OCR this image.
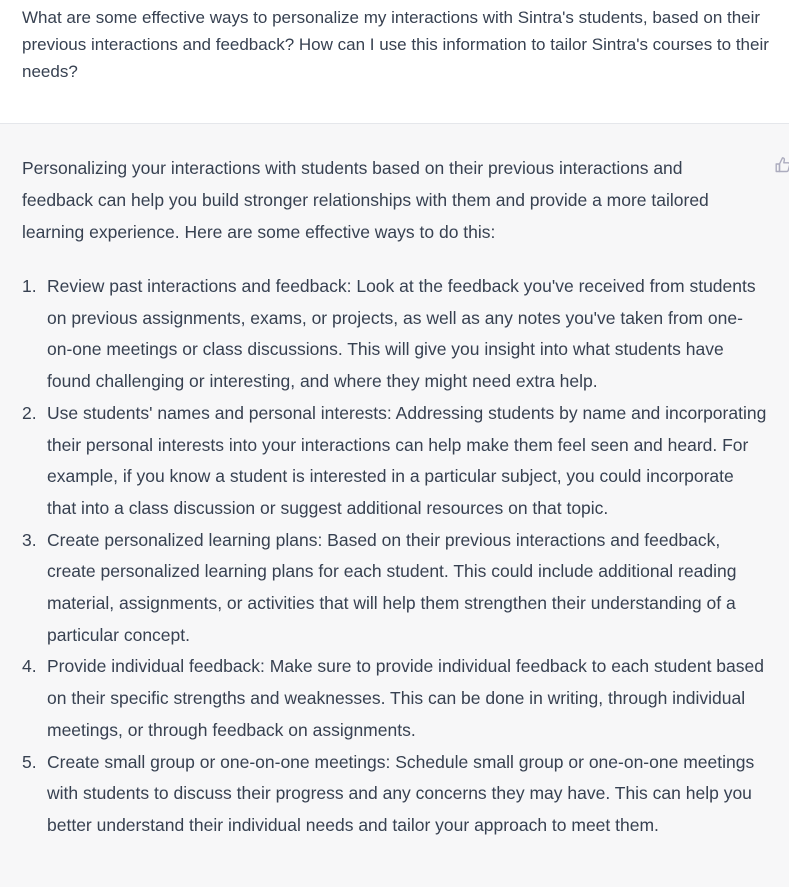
What are some effective ways to personalize my interactions with Sintra's students, based on their previous interactions and feedback? How can I use this information to tailor Sintra's courses to their needs?

Personalizing your interactions with students based on their previous interactions and feedback can help you build stronger relationships with them and provide a more tailored learning experience. Here are some effective ways to do this:

1. Review past interactions and feedback: Look at the feedback you've received from students on previous assignments, exams, or projects, as well as any notes you've taken from one-on-one meetings or class discussions. This will give you insight into what students have found challenging or interesting, and where they might need extra help.
2. Use students' names and personal interests: Addressing students by name and incorporating their personal interests into your interactions can help make them feel seen and heard. For example, if you know a student is interested in a particular subject, you could incorporate that into a class discussion or suggest additional resources on that topic.
3. Create personalized learning plans: Based on their previous interactions and feedback, create personalized learning plans for each student. This could include additional reading material, assignments, or activities that will help them strengthen their understanding of a particular concept.
4. Provide individual feedback: Make sure to provide individual feedback to each student based on their specific strengths and weaknesses. This can be done in writing, through individual meetings, or through feedback on assignments.
5. Create small group or one-on-one meetings: Schedule small group or one-on-one meetings with students to discuss their progress and any concerns they may have. This can help you better understand their individual needs and tailor your approach to meet them.
